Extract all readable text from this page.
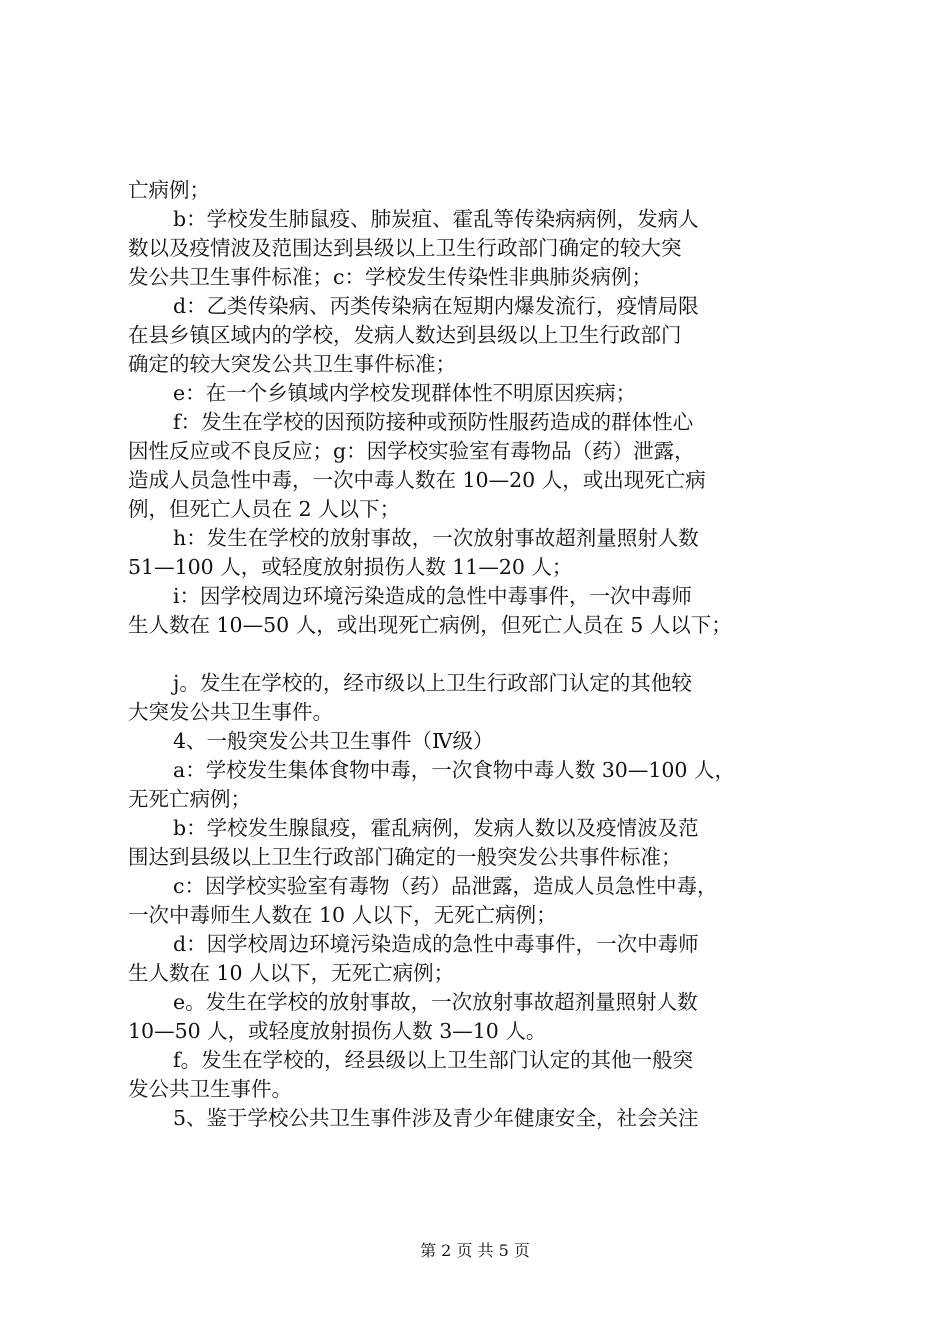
亡病例；
b：学校发生肺鼠疫、肺炭疽、霍乱等传染病病例，发病人
数以及疫情波及范围达到县级以上卫生行政部门确定的较大突
发公共卫生事件标准；c：学校发生传染性非典肺炎病例；
d：乙类传染病、丙类传染病在短期内爆发流行，疫情局限
在县乡镇区域内的学校，发病人数达到县级以上卫生行政部门
确定的较大突发公共卫生事件标准；
e：在一个乡镇域内学校发现群体性不明原因疾病；
f：发生在学校的因预防接种或预防性服药造成的群体性心
因性反应或不良反应；g：因学校实验室有毒物品（药）泄露，
造成人员急性中毒，一次中毒人数在 10—20 人，或出现死亡病
例，但死亡人员在 2 人以下；
h：发生在学校的放射事故，一次放射事故超剂量照射人数
51—100 人，或轻度放射损伤人数 11—20 人；
i：因学校周边环境污染造成的急性中毒事件，一次中毒师
生人数在 10—50 人，或出现死亡病例，但死亡人员在 5 人以下；
j。发生在学校的，经市级以上卫生行政部门认定的其他较
大突发公共卫生事件。
4、一般突发公共卫生事件（Ⅳ级）
a：学校发生集体食物中毒，一次食物中毒人数 30—100 人，
无死亡病例；
b：学校发生腺鼠疫，霍乱病例，发病人数以及疫情波及范
围达到县级以上卫生行政部门确定的一般突发公共事件标准；
c：因学校实验室有毒物（药）品泄露，造成人员急性中毒，
一次中毒师生人数在 10 人以下，无死亡病例；
d：因学校周边环境污染造成的急性中毒事件，一次中毒师
生人数在 10 人以下，无死亡病例；
e。发生在学校的放射事故，一次放射事故超剂量照射人数
10—50 人，或轻度放射损伤人数 3—10 人。
f。发生在学校的，经县级以上卫生部门认定的其他一般突
发公共卫生事件。
5、鉴于学校公共卫生事件涉及青少年健康安全，社会关注
第 2 页 共 5 页
